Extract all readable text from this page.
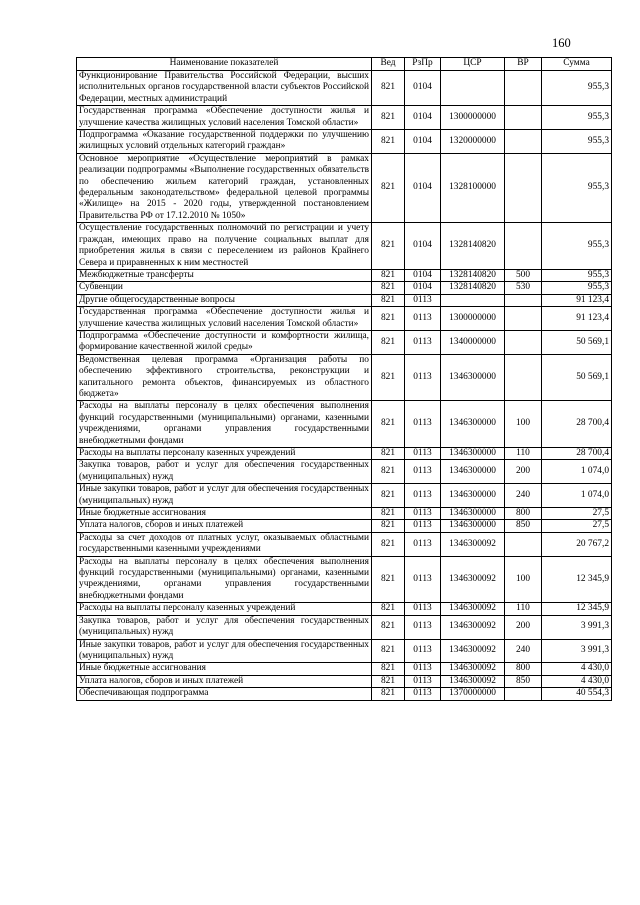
160
Наименование показателей	Вед	РзПр	ЦСР	ВР	Сумма
Функционирование Правительства Российской Федерации, высших исполнительных органов государственной власти субъектов Российской Федерации, местных администраций	821	0104			955,3
Государственная программа «Обеспечение доступности жилья и улучшение качества жилищных условий населения Томской области»	821	0104	1300000000		955,3
Подпрограмма «Оказание государственной поддержки по улучшению жилищных условий отдельных категорий граждан»	821	0104	1320000000		955,3
Основное мероприятие «Осуществление мероприятий в рамках реализации подпрограммы «Выполнение государственных обязательств по обеспечению жильем категорий граждан, установленных федеральным законодательством» федеральной целевой программы «Жилище» на 2015 - 2020 годы, утвержденной постановлением Правительства РФ от 17.12.2010 № 1050»	821	0104	1328100000		955,3
Осуществление государственных полномочий по регистрации и учету граждан, имеющих право на получение социальных выплат для приобретения жилья в связи с переселением из районов Крайнего Севера и приравненных к ним местностей	821	0104	1328140820		955,3
Межбюджетные трансферты	821	0104	1328140820	500	955,3
Субвенции	821	0104	1328140820	530	955,3
Другие общегосударственные вопросы	821	0113			91 123,4
Государственная программа «Обеспечение доступности жилья и улучшение качества жилищных условий населения Томской области»	821	0113	1300000000		91 123,4
Подпрограмма «Обеспечение доступности и комфортности жилища, формирование качественной жилой среды»	821	0113	1340000000		50 569,1
Ведомственная целевая программа «Организация работы по обеспечению эффективного строительства, реконструкции и капитального ремонта объектов, финансируемых из областного бюджета»	821	0113	1346300000		50 569,1
Расходы на выплаты персоналу в целях обеспечения выполнения функций государственными (муниципальными) органами, казенными учреждениями, органами управления государственными внебюджетными фондами	821	0113	1346300000	100	28 700,4
Расходы на выплаты персоналу казенных учреждений	821	0113	1346300000	110	28 700,4
Закупка товаров, работ и услуг для обеспечения государственных (муниципальных) нужд	821	0113	1346300000	200	1 074,0
Иные закупки товаров, работ и услуг для обеспечения государственных (муниципальных) нужд	821	0113	1346300000	240	1 074,0
Иные бюджетные ассигнования	821	0113	1346300000	800	27,5
Уплата налогов, сборов и иных платежей	821	0113	1346300000	850	27,5
Расходы за счет доходов от платных услуг, оказываемых областными государственными казенными учреждениями	821	0113	1346300092		20 767,2
Расходы на выплаты персоналу в целях обеспечения выполнения функций государственными (муниципальными) органами, казенными учреждениями, органами управления государственными внебюджетными фондами	821	0113	1346300092	100	12 345,9
Расходы на выплаты персоналу казенных учреждений	821	0113	1346300092	110	12 345,9
Закупка товаров, работ и услуг для обеспечения государственных (муниципальных) нужд	821	0113	1346300092	200	3 991,3
Иные закупки товаров, работ и услуг для обеспечения государственных (муниципальных) нужд	821	0113	1346300092	240	3 991,3
Иные бюджетные ассигнования	821	0113	1346300092	800	4 430,0
Уплата налогов, сборов и иных платежей	821	0113	1346300092	850	4 430,0
Обеспечивающая подпрограмма	821	0113	1370000000		40 554,3
